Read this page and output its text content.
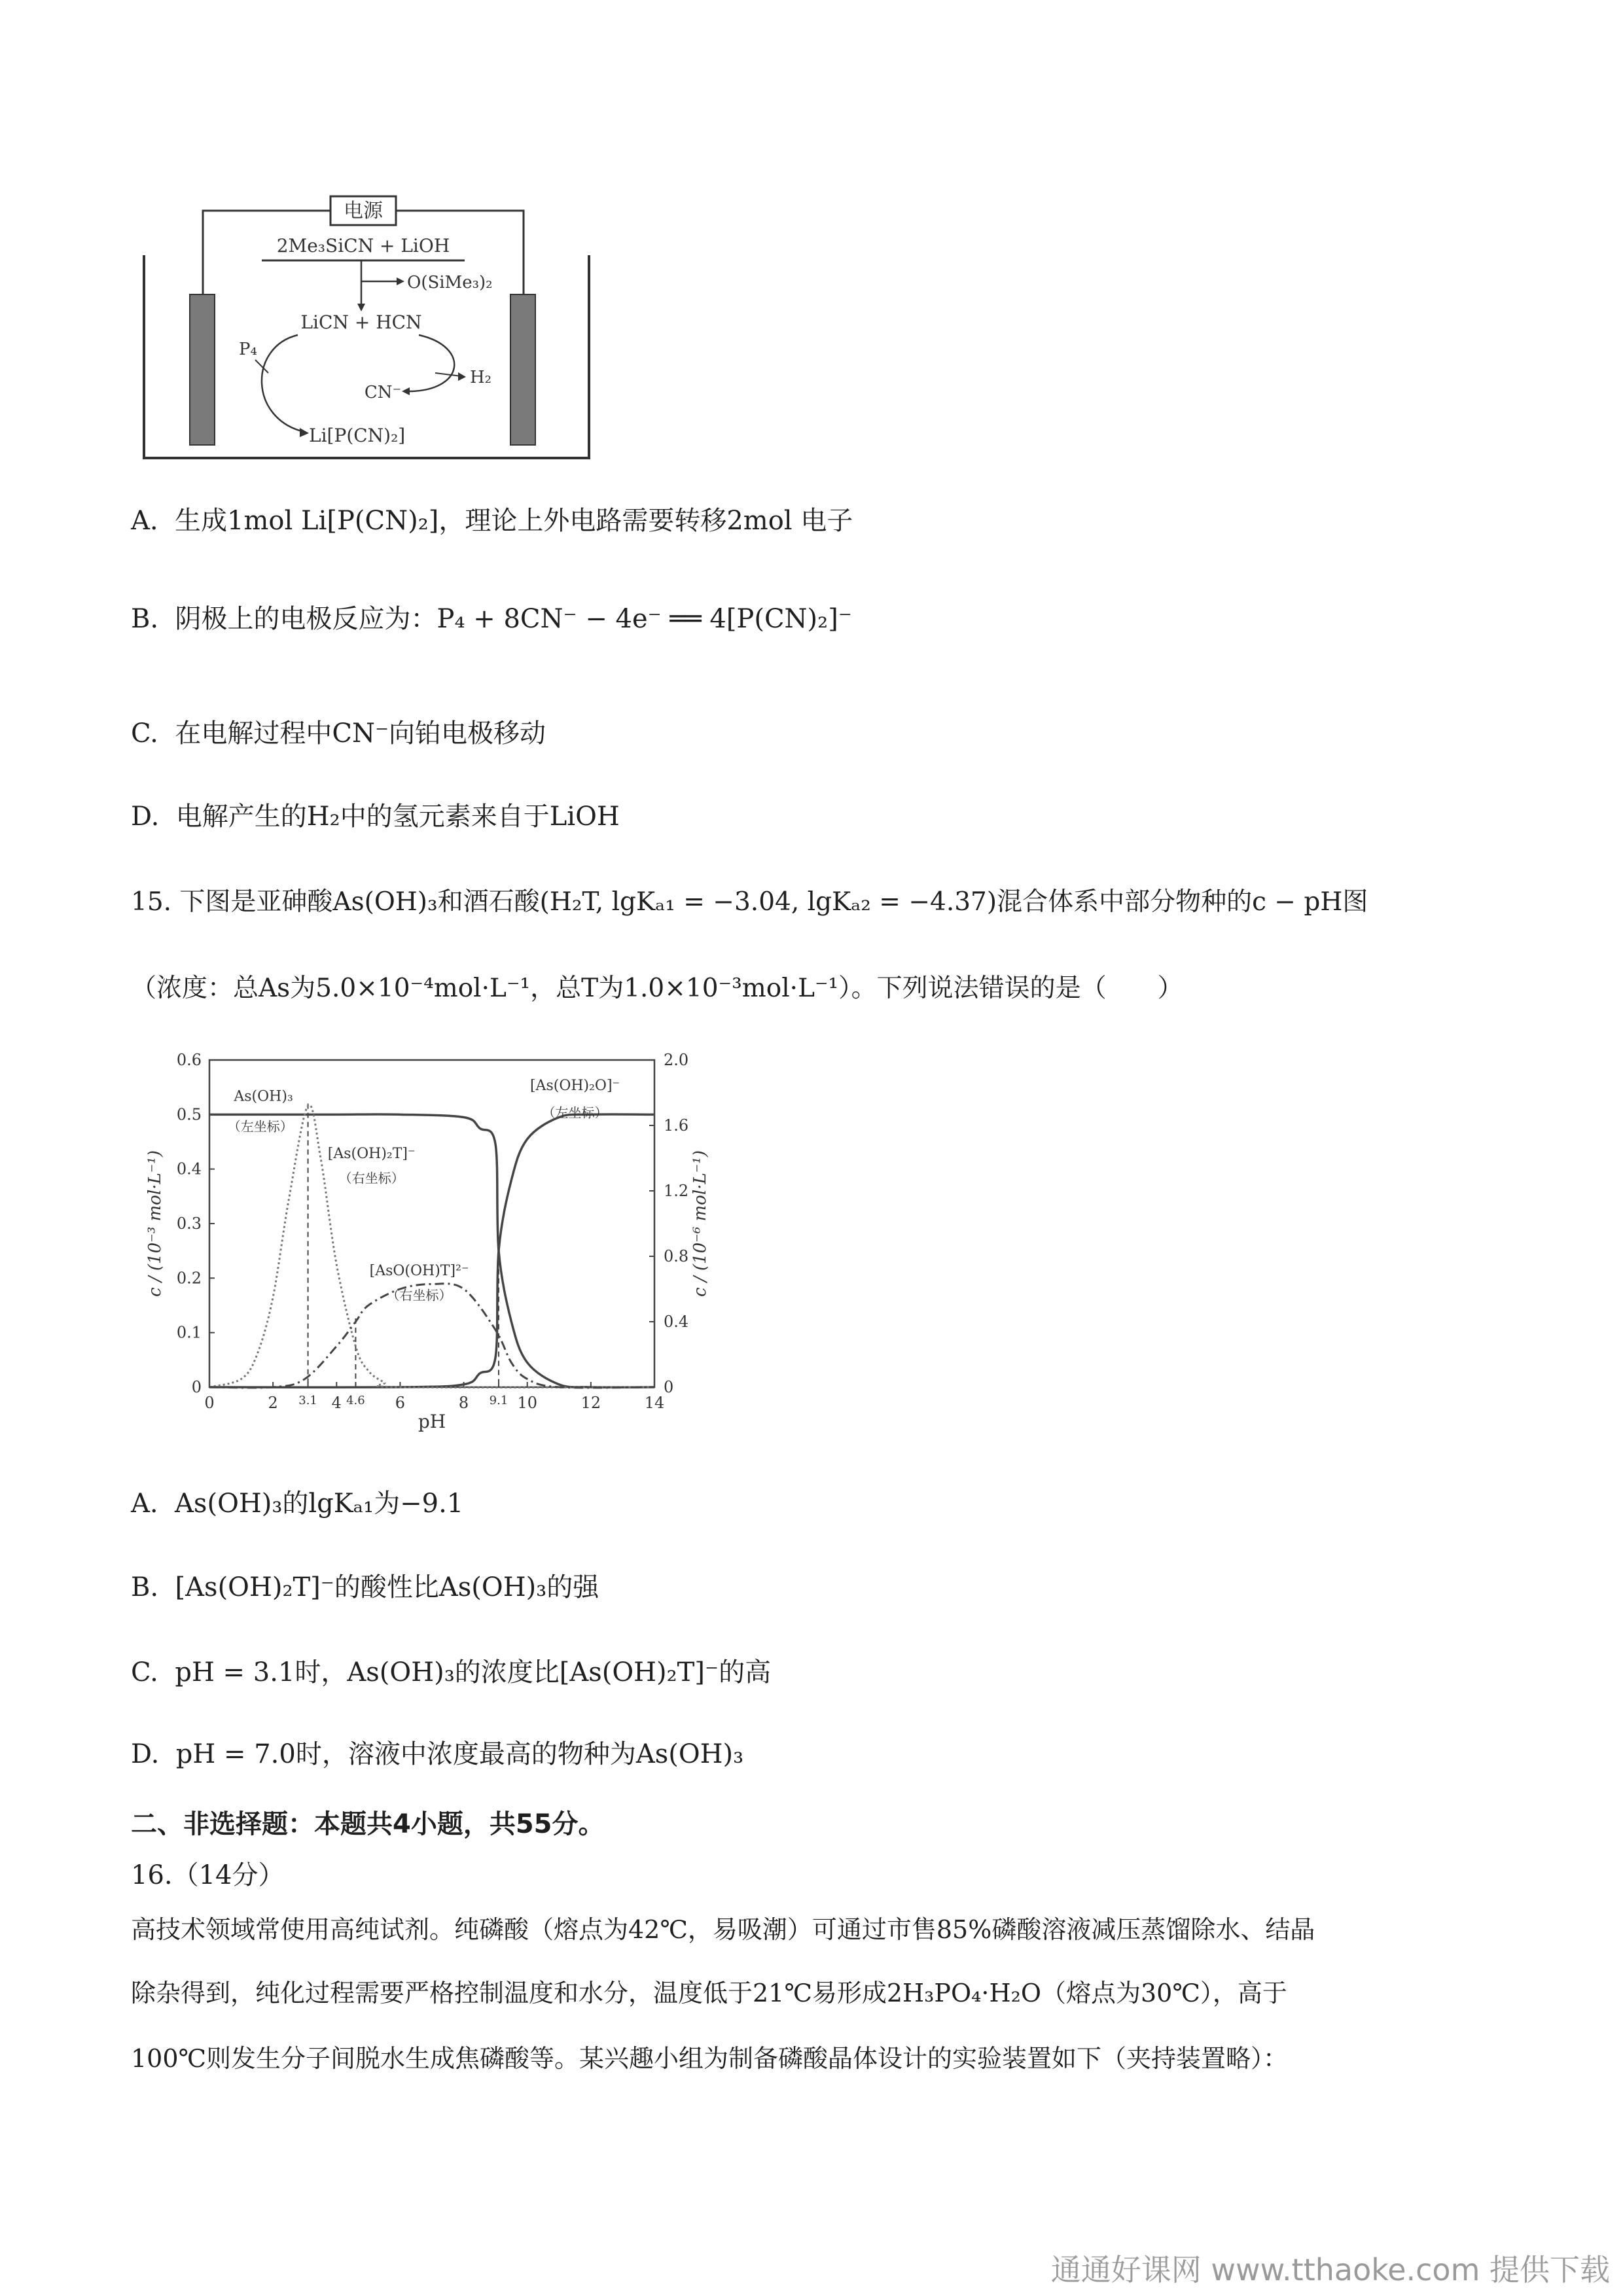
电源
2Me₃SiCN + LiOH
O(SiMe₃)₂
LiCN + HCN
P₄
CN⁻
H₂
Li[P(CN)₂]
A. 生成1mol Li[P(CN)₂]，理论上外电路需要转移2mol 电子
B. 阴极上的电极反应为：P₄ + 8CN⁻ − 4e⁻ ══ 4[P(CN)₂]⁻
C. 在电解过程中CN⁻向铂电极移动
D. 电解产生的H₂中的氢元素来自于LiOH
15. 下图是亚砷酸As(OH)₃和酒石酸(H₂T, lgKₐ₁ = −3.04, lgKₐ₂ = −4.37)混合体系中部分物种的c − pH图
（浓度：总As为5.0×10⁻⁴mol·L⁻¹，总T为1.0×10⁻³mol·L⁻¹）。下列说法错误的是（　　）
0	2 3.1 4 4.6 6	8 9.1 10	12	14
0
0.1
0.2
0.3
0.4
0.5
0.6
0
0.4
0.8
1.2
1.6
2.0
pH
c / (10⁻³ mol·L⁻¹)	c / (10⁻⁶ mol·L⁻¹)
As(OH)₃
（左坐标）
[As(OH)₂T]⁻
（右坐标）
[AsO(OH)T]²⁻
（右坐标）
[As(OH)₂O]⁻
（左坐标）
A. As(OH)₃的lgKₐ₁为−9.1
B. [As(OH)₂T]⁻的酸性比As(OH)₃的强
C. pH = 3.1时，As(OH)₃的浓度比[As(OH)₂T]⁻的高
D. pH = 7.0时，溶液中浓度最高的物种为As(OH)₃
二、非选择题：本题共4小题，共55分。
16.（14分）
高技术领域常使用高纯试剂。纯磷酸（熔点为42℃，易吸潮）可通过市售85%磷酸溶液减压蒸馏除水、结晶
除杂得到，纯化过程需要严格控制温度和水分，温度低于21℃易形成2H₃PO₄·H₂O（熔点为30℃），高于
100℃则发生分子间脱水生成焦磷酸等。某兴趣小组为制备磷酸晶体设计的实验装置如下（夹持装置略）：
通通好课网 www.tthaoke.com 提供下载
